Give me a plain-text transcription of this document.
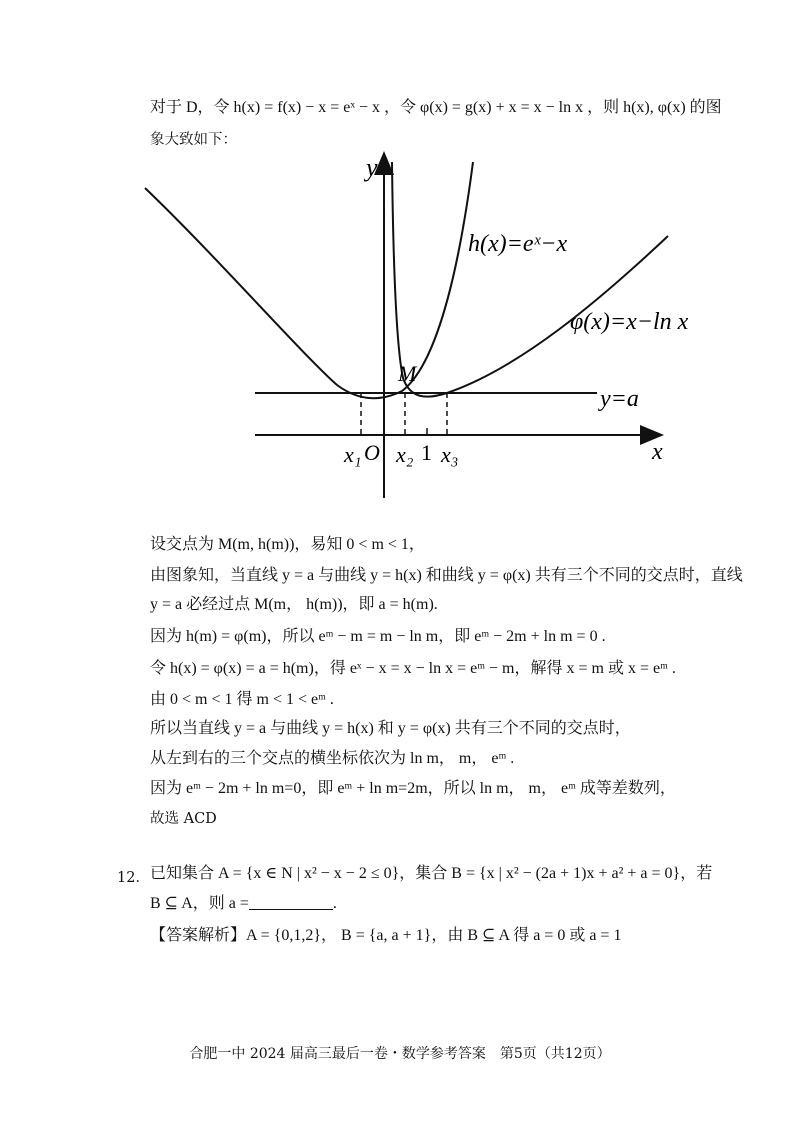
对于 D，令 h(x) = f(x) − x = eˣ − x ，令 φ(x) = g(x) + x = x − ln x ，则 h(x), φ(x) 的图
象大致如下：
y
x
h(x)=eˣ−x
φ(x)=x−ln x
y=a
M
x₁ O x₂ 1 x₃
设交点为 M(m, h(m))，易知 0 < m < 1，
由图象知，当直线 y = a 与曲线 y = h(x) 和曲线 y = φ(x) 共有三个不同的交点时，直线
y = a 必经过点 M(m， h(m))，即 a = h(m).
因为 h(m) = φ(m)，所以 eᵐ − m = m − ln m，即 eᵐ − 2m + ln m = 0 .
令 h(x) = φ(x) = a = h(m)，得 eˣ − x = x − ln x = eᵐ − m，解得 x = m 或 x = eᵐ .
由 0 < m < 1 得 m < 1 < eᵐ .
所以当直线 y = a 与曲线 y = h(x) 和 y = φ(x) 共有三个不同的交点时，
从左到右的三个交点的横坐标依次为 ln m， m， eᵐ .
因为 eᵐ − 2m + ln m=0，即 eᵐ + ln m=2m，所以 ln m， m， eᵐ 成等差数列，
故选 ACD
12． 已知集合 A = {x ∈ N | x² − x − 2 ≤ 0}，集合 B = {x | x² − (2a + 1)x + a² + a = 0}，若
B ⊆ A，则 a =	.
【答案解析】A = {0,1,2}， B = {a, a + 1}，由 B ⊆ A 得 a = 0 或 a = 1
合肥一中 2024 届高三最后一卷・数学参考答案　第5页（共12页）
